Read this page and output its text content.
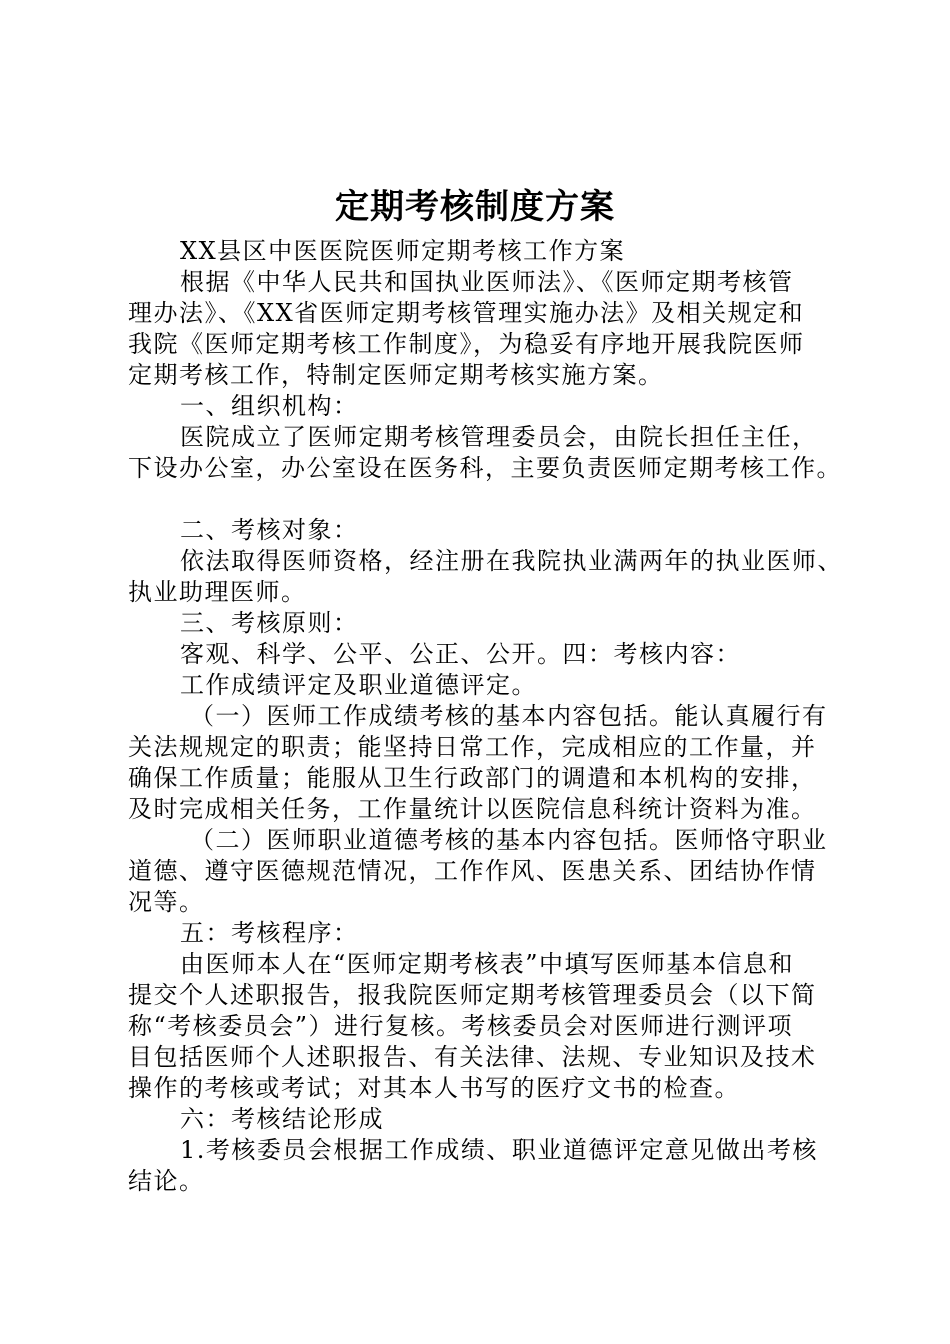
定期考核制度方案
XX县区中医医院医师定期考核工作方案
根据《中华人民共和国执业医师法》、《医师定期考核管
理办法》、《XX省医师定期考核管理实施办法》及相关规定和
我院《医师定期考核工作制度》，为稳妥有序地开展我院医师
定期考核工作，特制定医师定期考核实施方案。
一、组织机构：
医院成立了医师定期考核管理委员会，由院长担任主任，
下设办公室，办公室设在医务科，主要负责医师定期考核工作。
二、考核对象：
依法取得医师资格，经注册在我院执业满两年的执业医师、
执业助理医师。
三、考核原则：
客观、科学、公平、公正、公开。四：考核内容：
工作成绩评定及职业道德评定。
（一）医师工作成绩考核的基本内容包括。能认真履行有
关法规规定的职责；能坚持日常工作，完成相应的工作量，并
确保工作质量；能服从卫生行政部门的调遣和本机构的安排，
及时完成相关任务，工作量统计以医院信息科统计资料为准。
（二）医师职业道德考核的基本内容包括。医师恪守职业
道德、遵守医德规范情况，工作作风、医患关系、团结协作情
况等。
五：考核程序：
由医师本人在“医师定期考核表”中填写医师基本信息和
提交个人述职报告，报我院医师定期考核管理委员会（以下简
称“考核委员会”）进行复核。考核委员会对医师进行测评项
目包括医师个人述职报告、有关法律、法规、专业知识及技术
操作的考核或考试；对其本人书写的医疗文书的检查。
六：考核结论形成
1.考核委员会根据工作成绩、职业道德评定意见做出考核
结论。
